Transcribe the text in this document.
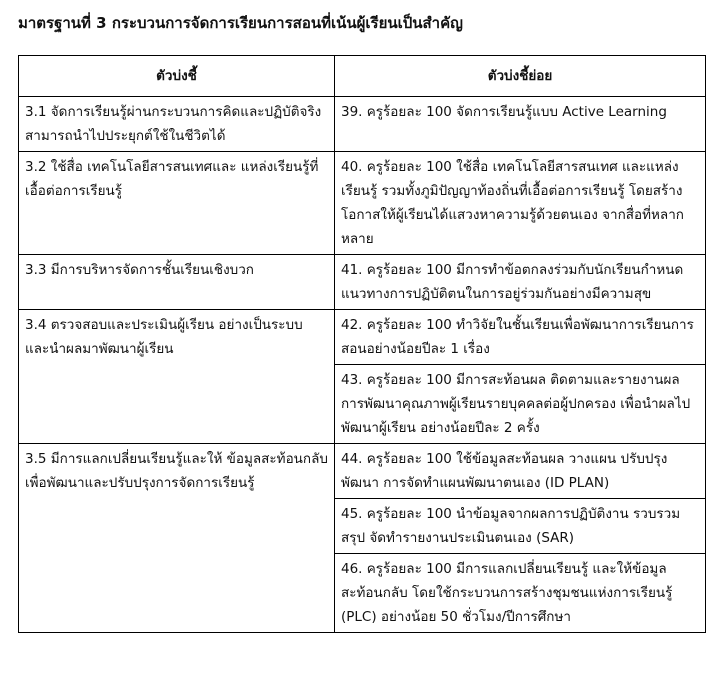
มาตรฐานที่ 3 กระบวนการจัดการเรียนการสอนที่เน้นผู้เรียนเป็นสำคัญ
ตัวบ่งชี้	ตัวบ่งชี้ย่อย

3.1 จัดการเรียนรู้ผ่านกระบวนการคิดและปฏิบัติจริงสามารถนำไปประยุกต์ใช้ในชีวิตได้	39. ครูร้อยละ 100 จัดการเรียนรู้แบบ Active Learning

3.2 ใช้สื่อ เทคโนโลยีสารสนเทศและ แหล่งเรียนรู้ที่เอื้อต่อการเรียนรู้	40. ครูร้อยละ 100 ใช้สื่อ เทคโนโลยีสารสนเทศ และแหล่งเรียนรู้ รวมทั้งภูมิปัญญาท้องถิ่นที่เอื้อต่อการเรียนรู้ โดยสร้างโอกาสให้ผู้เรียนได้แสวงหาความรู้ด้วยตนเอง จากสื่อที่หลากหลาย

3.3 มีการบริหารจัดการชั้นเรียนเชิงบวก	41. ครูร้อยละ 100 มีการทำข้อตกลงร่วมกับนักเรียนกำหนดแนวทางการปฏิบัติตนในการอยู่ร่วมกันอย่างมีความสุข

3.4 ตรวจสอบและประเมินผู้เรียน อย่างเป็นระบบ และนำผลมาพัฒนาผู้เรียน	42. ครูร้อยละ 100 ทำวิจัยในชั้นเรียนเพื่อพัฒนาการเรียนการสอนอย่างน้อยปีละ 1 เรื่อง

	43. ครูร้อยละ 100 มีการสะท้อนผล ติดตามและรายงานผลการพัฒนาคุณภาพผู้เรียนรายบุคคลต่อผู้ปกครอง เพื่อนำผลไปพัฒนาผู้เรียน อย่างน้อยปีละ 2 ครั้ง

3.5 มีการแลกเปลี่ยนเรียนรู้และให้ ข้อมูลสะท้อนกลับเพื่อพัฒนาและปรับปรุงการจัดการเรียนรู้	44. ครูร้อยละ 100 ใช้ข้อมูลสะท้อนผล วางแผน ปรับปรุงพัฒนา การจัดทำแผนพัฒนาตนเอง (ID PLAN)

	45. ครูร้อยละ 100 นำข้อมูลจากผลการปฏิบัติงาน รวบรวม สรุป จัดทำรายงานประเมินตนเอง (SAR)

	46. ครูร้อยละ 100 มีการแลกเปลี่ยนเรียนรู้ และให้ข้อมูลสะท้อนกลับ โดยใช้กระบวนการสร้างชุมชนแห่งการเรียนรู้ (PLC) อย่างน้อย 50 ชั่วโมง/ปีการศึกษา
